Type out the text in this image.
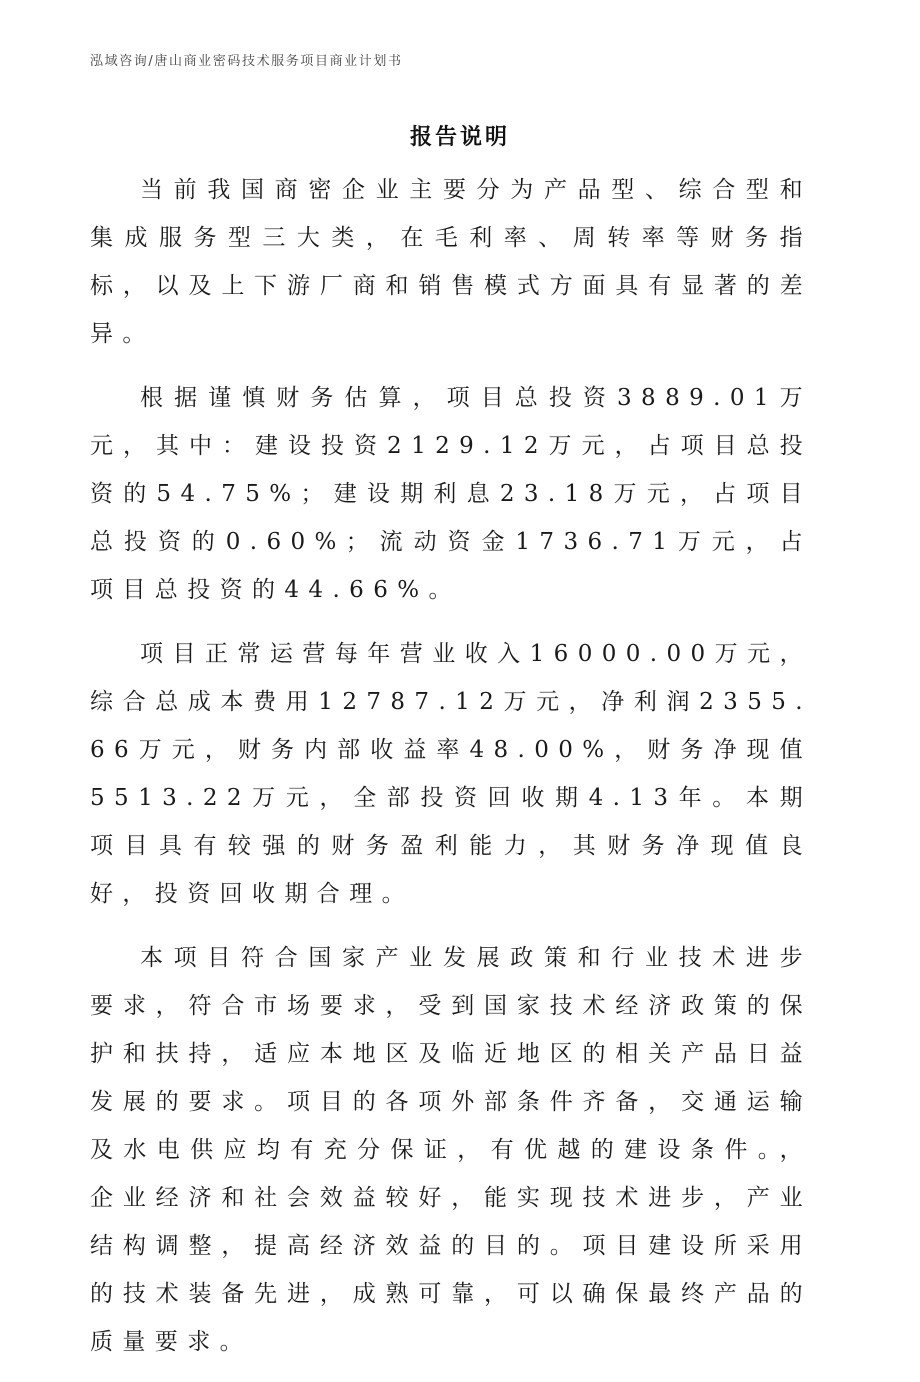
泓域咨询/唐山商业密码技术服务项目商业计划书
报告说明

当前我国商密企业主要分为产品型、综合型和集成服务型三大类，在毛利率、周转率等财务指标，以及上下游厂商和销售模式方面具有显著的差异。

根据谨慎财务估算，项目总投资3889.01万元，其中：建设投资2129.12万元，占项目总投资的54.75%；建设期利息23.18万元，占项目总投资的0.60%；流动资金1736.71万元，占项目总投资的44.66%。

项目正常运营每年营业收入16000.00万元，综合总成本费用12787.12万元，净利润2355.66万元，财务内部收益率48.00%，财务净现值5513.22万元，全部投资回收期4.13年。本期项目具有较强的财务盈利能力，其财务净现值良好，投资回收期合理。

本项目符合国家产业发展政策和行业技术进步要求，符合市场要求，受到国家技术经济政策的保护和扶持，适应本地区及临近地区的相关产品日益发展的要求。项目的各项外部条件齐备，交通运输及水电供应均有充分保证，有优越的建设条件。，企业经济和社会效益较好，能实现技术进步，产业结构调整，提高经济效益的目的。项目建设所采用的技术装备先进，成熟可靠，可以确保最终产品的质量要求。
